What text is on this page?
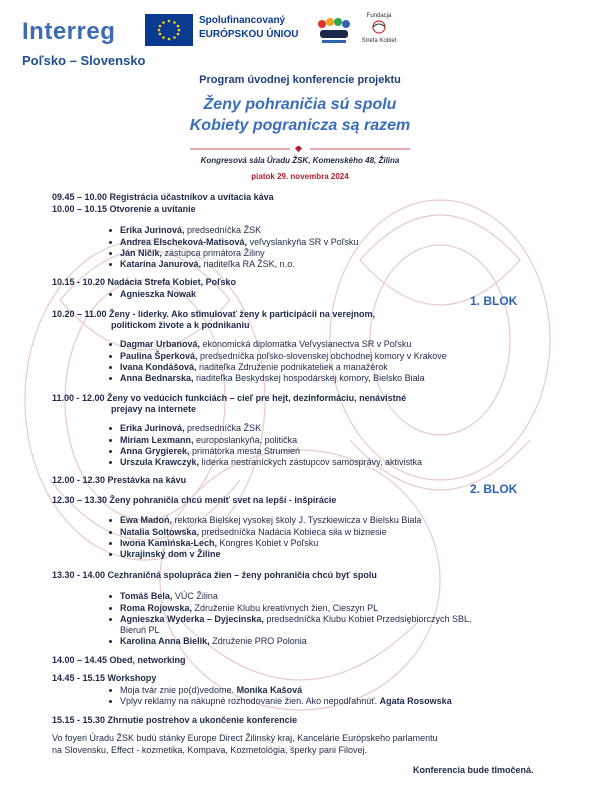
Interreg	Spolufinancovaný
EURÓPSKOU ÚNIOU
Fundacja
Strefa Kobiet
Poľsko – Slovensko
Program úvodnej konferencie projektu
Ženy pohraničia sú spolu
Kobiety pogranicza są razem
Kongresová sála Úradu ŽSK, Komenského 48, Žilina
piatok 29. novembra 2024
09.45 – 10.00 Registrácia účastníkov a uvítacia káva
10.00 – 10.15 Otvorenie a uvítanie
Erika Jurinová, predsedníčka ŽSK
Andrea Elscheková-Matisová, veľvyslankyňa SR v Poľsku
Ján Ničík, zástupca primátora Žiliny
Katarína Janurová, riaditeľka RA ŽSK, n.o.
10.15 - 10.20 Nadácia Strefa Kobiet, Poľsko
Agnieszka Nowak	1. BLOK
10.20 – 11.00 Ženy - líderky. Ako stimulovať ženy k participácii na verejnom,
politickom živote a k podnikaniu
Dagmar Urbanová, ekonomická diplomatka Veľvyslanectva SR v Poľsku
Paulina Šperková, predsedníčka poľsko-slovenskej obchodnej komory v Krakove
Ivana Kondášová, riaditeľka Združenie podnikateliek a manažérok
Anna Bednarska, riaditeľka Beskydskej hospodárskej komory, Bielsko Biala
11.00 - 12.00 Ženy vo vedúcich funkciách – cieľ pre hejt, dezinformáciu, nenávistné
prejavy na internete
Erika Jurinová, predsedníčka ŽSK
Miriam Lexmann, europoslankyňa, politička
Anna Grygierek, primátorka mesta Strumień
Urszula Krawczyk, líderka nestraníckych zástupcov samosprávy, aktivistka
12.00 - 12.30 Prestávka na kávu
2. BLOK
12.30 – 13.30 Ženy pohraničia chcú meniť svet na lepší - inšpirácie
Ewa Madoń, rektorka Bielskej vysokej školy J. Tyszkiewicza v Bielsku Biala
Natalia Soltowska, predsedníčka Nadácia Kobieca siła w biznesie
Iwona Kamińska-Lech, Kongres Kobiet v Poľsku
Ukrajinský dom v Žiline
13.30 - 14.00 Cezhraničná spolupráca žien – ženy pohraničia chcú byť spolu
Tomáš Bela, VÚC Žilina
Roma Rojowska, Združenie Klubu kreatívnych žien, Cieszyn PL
Agnieszka Wyderka – Dyjecinska, predsedníčka Klubu Kobiet Przedsiębiorczych SBL,
Bieruń PL
Karolina Anna Bielik, Združenie PRO Polonia
14.00 – 14.45 Obed, networking
14.45 - 15.15 Workshopy
Moja tvár znie po(d)vedome. Monika Kašová
Vplyv reklamy na nákupné rozhodovanie žien. Ako nepodľahnúť. Agata Rosowska
15.15 - 15.30 Zhrnutie postrehov a ukončenie konferencie
Vo foyeri Úradu ŽSK budú stánky Europe Direct Žilinský kraj, Kancelárie Európskeho parlamentu
na Slovensku, Effect - kozmetika, Kompava, Kozmetológia, šperky pani Filovej.
Konferencia bude tlmočená.
